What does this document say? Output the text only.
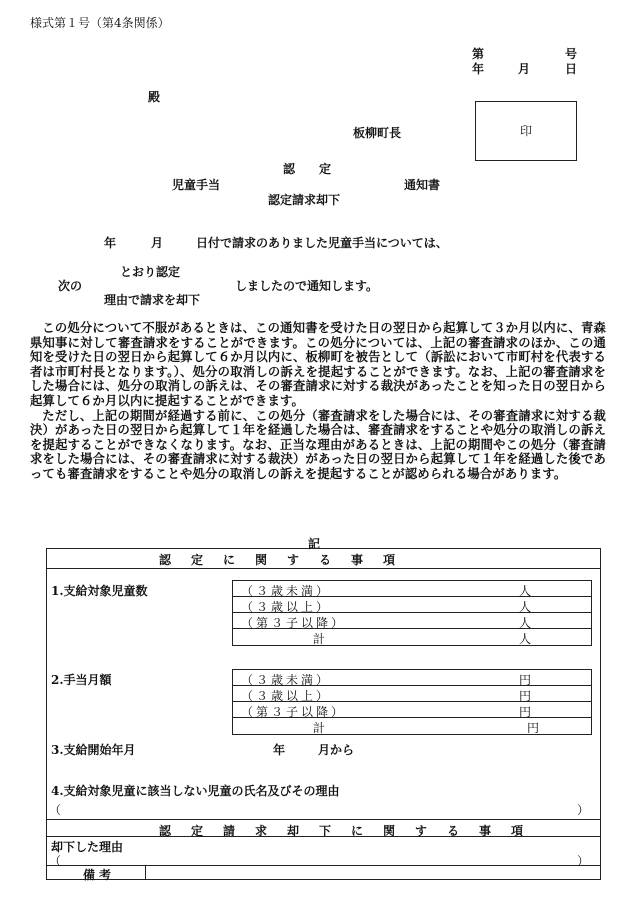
様式第１号（第4条関係）
第	号
年	月	日
殿
板柳町長	印
認　定
児童手当	通知書
認定請求却下
年	月	日付で請求のありました児童手当については、
とおり認定
次の	しましたので通知します。
理由で請求を却下

この処分について不服があるときは、この通知書を受けた日の翌日から起算して３か月以内に、青森県知事に対して審査請求をすることができます。この処分については、上記の審査請求のほか、この通知を受けた日の翌日から起算して６か月以内に、板柳町を被告として（訴訟において市町村を代表する者は市町村長となります。）、処分の取消しの訴えを提起することができます。なお、上記の審査請求をした場合には、処分の取消しの訴えは、その審査請求に対する裁決があったことを知った日の翌日から起算して６か月以内に提起することができます。

ただし、上記の期間が経過する前に、この処分（審査請求をした場合には、その審査請求に対する裁決）があった日の翌日から起算して１年を経過した場合は、審査請求をすることや処分の取消しの訴えを提起することができなくなります。なお、正当な理由があるときは、上記の期間やこの処分（審査請求をした場合には、その審査請求に対する裁決）があった日の翌日から起算して１年を経過した後であっても審査請求をすることや処分の取消しの訴えを提起することが認められる場合があります。

記
認定に関する事項
1.支給対象児童数	（３歳未満）	人
（３歳以上）	人
（第３子以降）	人
計	人
2.手当月額	（３歳未満）	円
（３歳以上）	円
（第３子以降）	円
計	円
3.支給開始年月	年	月から
4.支給対象児童に該当しない児童の氏名及びその理由
（	）
認定請求却下に関する事項
却下した理由
（	）
備考
